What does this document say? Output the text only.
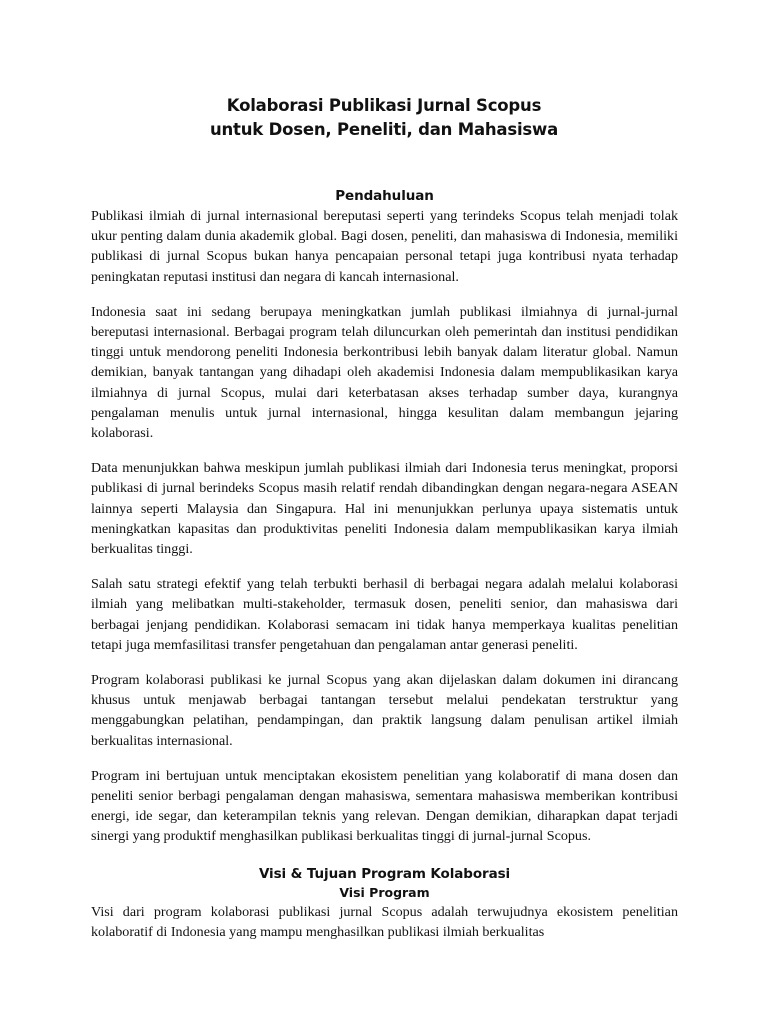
Kolaborasi Publikasi Jurnal Scopus
untuk Dosen, Peneliti, dan Mahasiswa

Pendahuluan

Publikasi ilmiah di jurnal internasional bereputasi seperti yang terindeks Scopus telah menjadi tolak ukur penting dalam dunia akademik global. Bagi dosen, peneliti, dan mahasiswa di Indonesia, memiliki publikasi di jurnal Scopus bukan hanya pencapaian personal tetapi juga kontribusi nyata terhadap peningkatan reputasi institusi dan negara di kancah internasional.

Indonesia saat ini sedang berupaya meningkatkan jumlah publikasi ilmiahnya di jurnal-jurnal bereputasi internasional. Berbagai program telah diluncurkan oleh pemerintah dan institusi pendidikan tinggi untuk mendorong peneliti Indonesia berkontribusi lebih banyak dalam literatur global. Namun demikian, banyak tantangan yang dihadapi oleh akademisi Indonesia dalam mempublikasikan karya ilmiahnya di jurnal Scopus, mulai dari keterbatasan akses terhadap sumber daya, kurangnya pengalaman menulis untuk jurnal internasional, hingga kesulitan dalam membangun jejaring kolaborasi.

Data menunjukkan bahwa meskipun jumlah publikasi ilmiah dari Indonesia terus meningkat, proporsi publikasi di jurnal berindeks Scopus masih relatif rendah dibandingkan dengan negara-negara ASEAN lainnya seperti Malaysia dan Singapura. Hal ini menunjukkan perlunya upaya sistematis untuk meningkatkan kapasitas dan produktivitas peneliti Indonesia dalam mempublikasikan karya ilmiah berkualitas tinggi.

Salah satu strategi efektif yang telah terbukti berhasil di berbagai negara adalah melalui kolaborasi ilmiah yang melibatkan multi-stakeholder, termasuk dosen, peneliti senior, dan mahasiswa dari berbagai jenjang pendidikan. Kolaborasi semacam ini tidak hanya memperkaya kualitas penelitian tetapi juga memfasilitasi transfer pengetahuan dan pengalaman antar generasi peneliti.

Program kolaborasi publikasi ke jurnal Scopus yang akan dijelaskan dalam dokumen ini dirancang khusus untuk menjawab berbagai tantangan tersebut melalui pendekatan terstruktur yang menggabungkan pelatihan, pendampingan, dan praktik langsung dalam penulisan artikel ilmiah berkualitas internasional.

Program ini bertujuan untuk menciptakan ekosistem penelitian yang kolaboratif di mana dosen dan peneliti senior berbagi pengalaman dengan mahasiswa, sementara mahasiswa memberikan kontribusi energi, ide segar, dan keterampilan teknis yang relevan. Dengan demikian, diharapkan dapat terjadi sinergi yang produktif menghasilkan publikasi berkualitas tinggi di jurnal-jurnal Scopus.

Visi & Tujuan Program Kolaborasi

Visi Program

Visi dari program kolaborasi publikasi jurnal Scopus adalah terwujudnya ekosistem penelitian kolaboratif di Indonesia yang mampu menghasilkan publikasi ilmiah berkualitas
